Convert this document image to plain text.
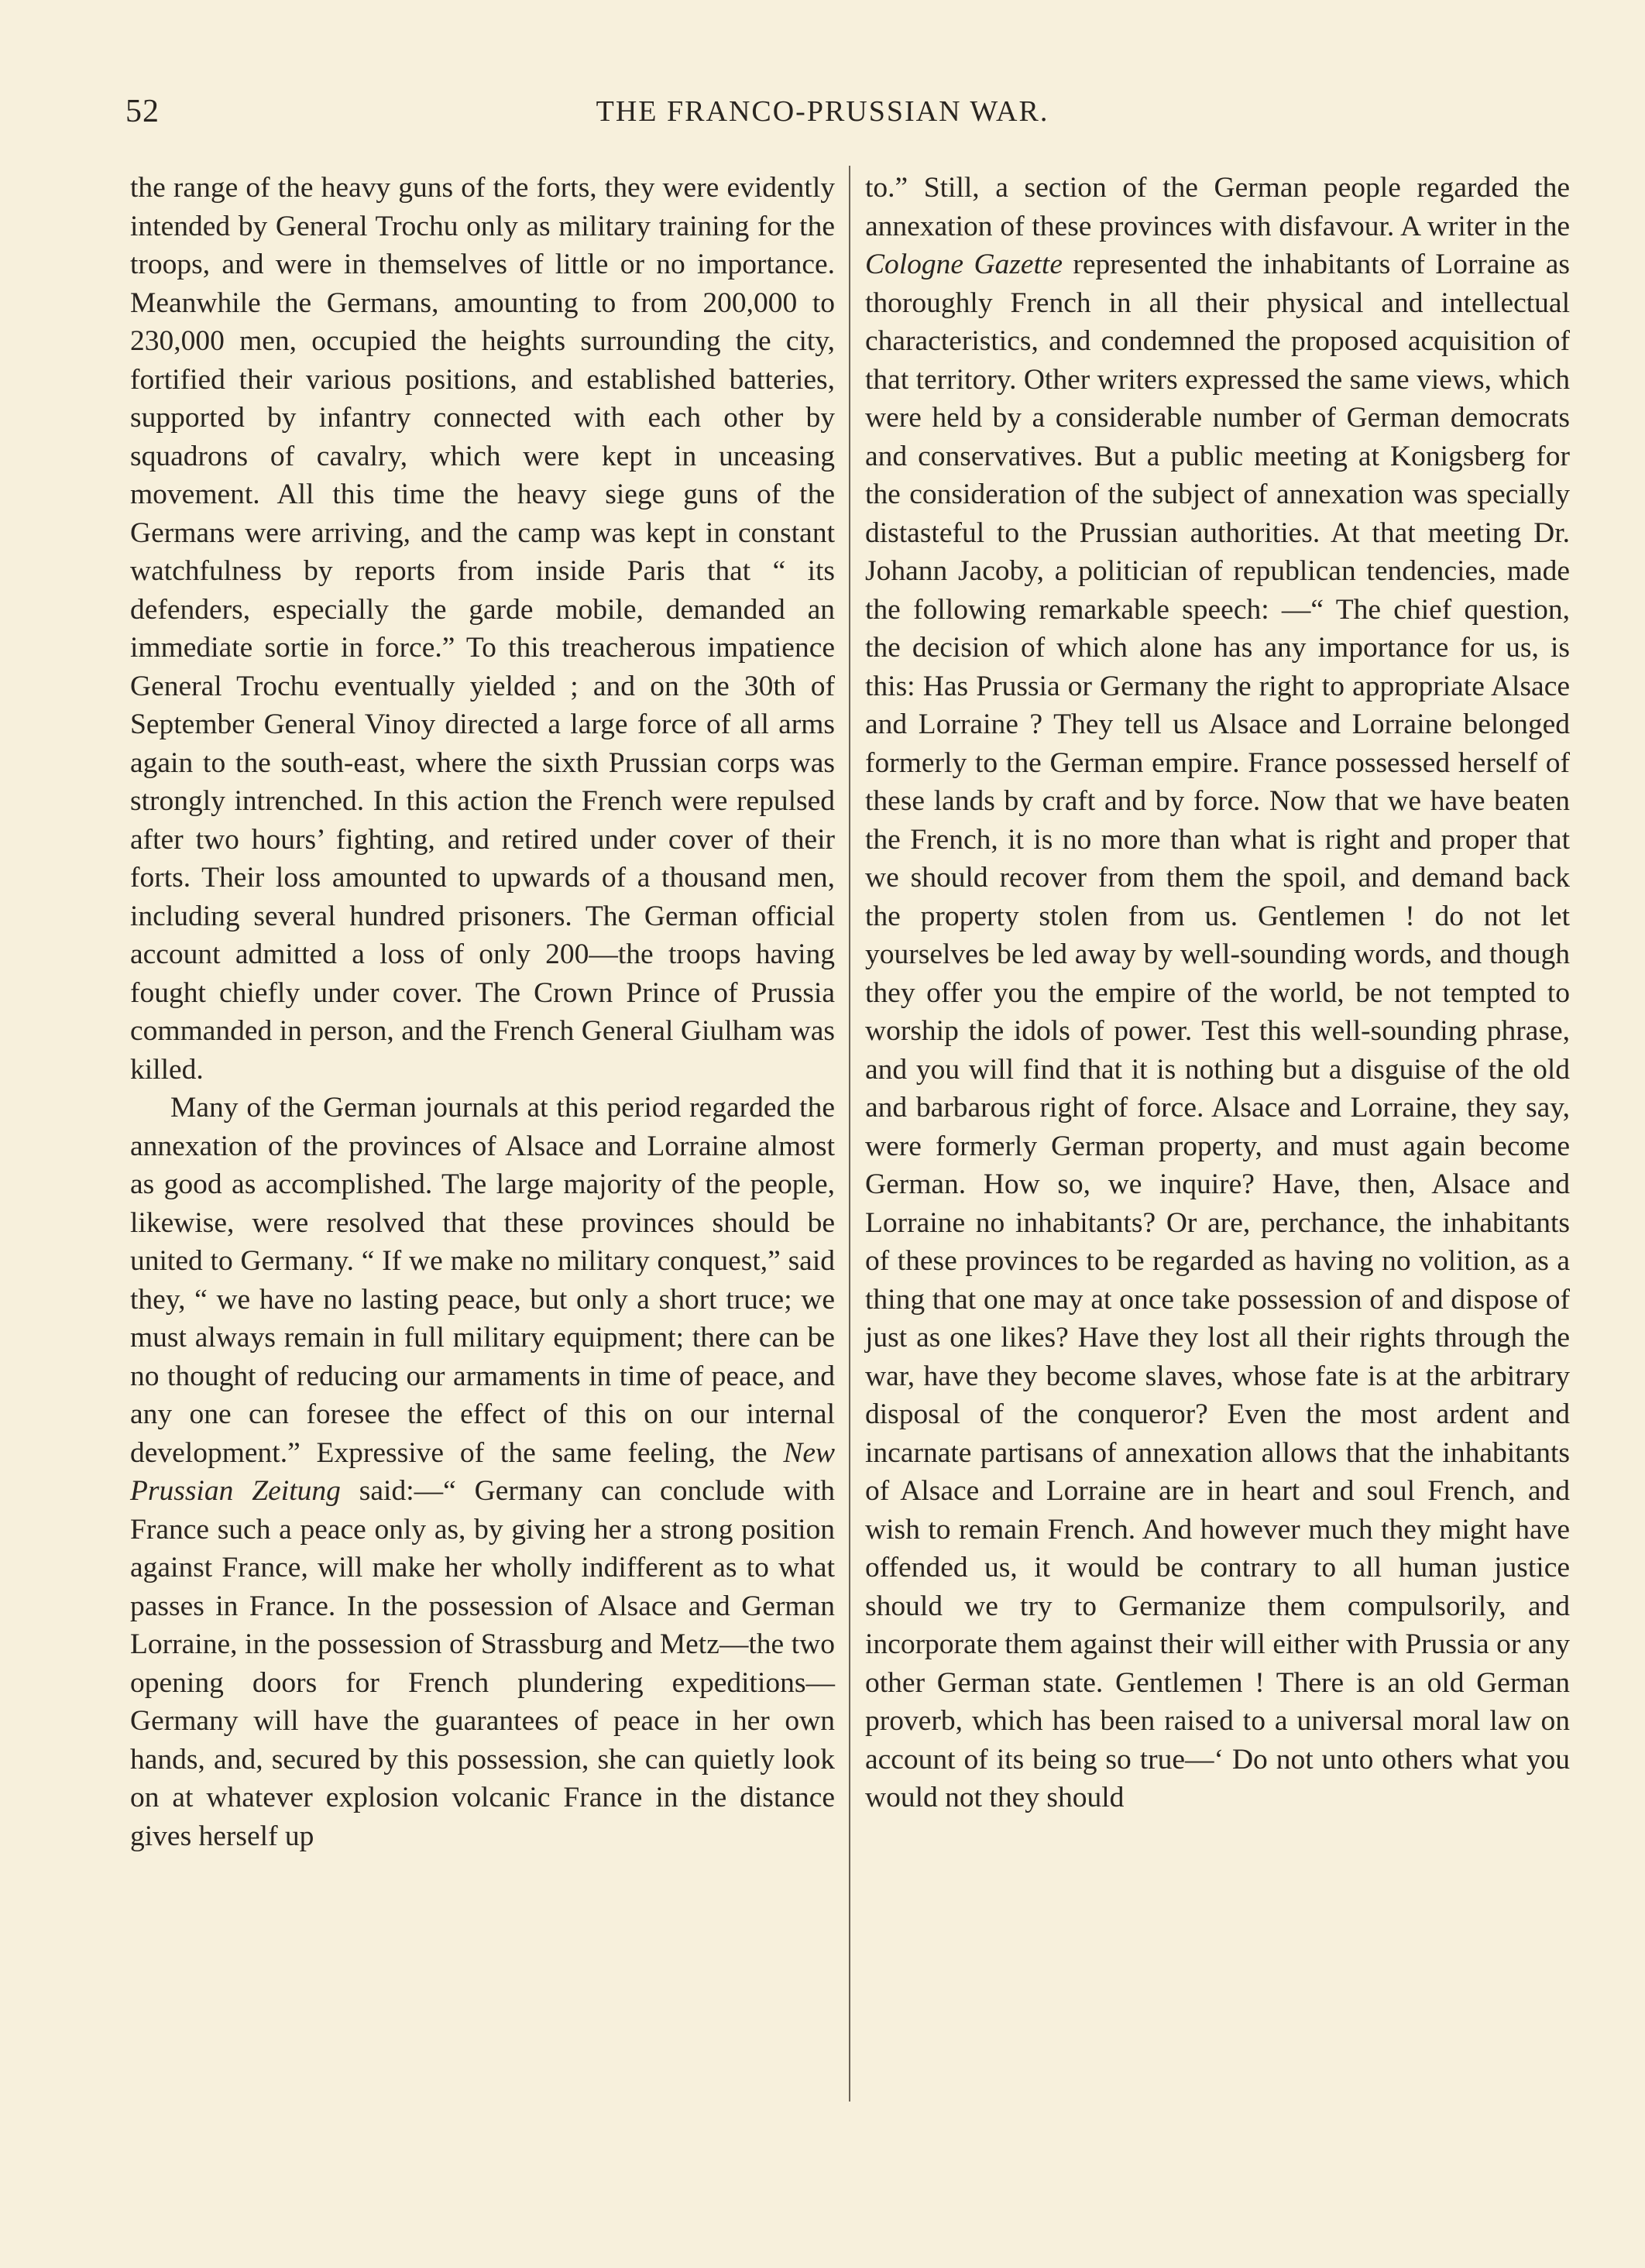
52	THE FRANCO-PRUSSIAN WAR.

the range of the heavy guns of the forts, they were evidently intended by General Trochu only as military training for the troops, and were in themselves of little or no importance. Meanwhile the Germans, amounting to from 200,000 to 230,000 men, occupied the heights surrounding the city, fortified their various positions, and established batteries, supported by infantry connected with each other by squadrons of cavalry, which were kept in unceasing movement. All this time the heavy siege guns of the Germans were arriving, and the camp was kept in constant watchfulness by reports from inside Paris that “ its defenders, especially the garde mobile, demanded an immediate sortie in force.” To this treacherous impatience General Trochu eventually yielded ; and on the 30th of September General Vinoy directed a large force of all arms again to the south-east, where the sixth Prussian corps was strongly intrenched. In this action the French were repulsed after two hours’ fighting, and retired under cover of their forts. Their loss amounted to upwards of a thousand men, including several hundred prisoners. The German official account admitted a loss of only 200—the troops having fought chiefly under cover. The Crown Prince of Prussia commanded in person, and the French General Giulham was killed.

Many of the German journals at this period regarded the annexation of the provinces of Alsace and Lorraine almost as good as accomplished. The large majority of the people, likewise, were resolved that these provinces should be united to Germany. “ If we make no military conquest,” said they, “ we have no lasting peace, but only a short truce; we must always remain in full military equipment; there can be no thought of reducing our armaments in time of peace, and any one can foresee the effect of this on our internal development.” Expressive of the same feeling, the New Prussian Zeitung said:—“ Germany can conclude with France such a peace only as, by giving her a strong position against France, will make her wholly indifferent as to what passes in France. In the possession of Alsace and German Lorraine, in the possession of Strassburg and Metz—the two opening doors for French plundering expeditions—Germany will have the guarantees of peace in her own hands, and, secured by this possession, she can quietly look on at whatever explosion volcanic France in the distance gives herself up

to.” Still, a section of the German people regarded the annexation of these provinces with disfavour. A writer in the Cologne Gazette represented the inhabitants of Lorraine as thoroughly French in all their physical and intellectual characteristics, and condemned the proposed acquisition of that territory. Other writers expressed the same views, which were held by a considerable number of German democrats and conservatives. But a public meeting at Konigsberg for the consideration of the subject of annexation was specially distasteful to the Prussian authorities. At that meeting Dr. Johann Jacoby, a politician of republican tendencies, made the following remarkable speech: —“ The chief question, the decision of which alone has any importance for us, is this: Has Prussia or Germany the right to appropriate Alsace and Lorraine ? They tell us Alsace and Lorraine belonged formerly to the German empire. France possessed herself of these lands by craft and by force. Now that we have beaten the French, it is no more than what is right and proper that we should recover from them the spoil, and demand back the property stolen from us. Gentlemen ! do not let yourselves be led away by well-sounding words, and though they offer you the empire of the world, be not tempted to worship the idols of power. Test this well-sounding phrase, and you will find that it is nothing but a disguise of the old and barbarous right of force. Alsace and Lorraine, they say, were formerly German property, and must again become German. How so, we inquire? Have, then, Alsace and Lorraine no inhabitants? Or are, perchance, the inhabitants of these provinces to be regarded as having no volition, as a thing that one may at once take possession of and dispose of just as one likes? Have they lost all their rights through the war, have they become slaves, whose fate is at the arbitrary disposal of the conqueror? Even the most ardent and incarnate partisans of annexation allows that the inhabitants of Alsace and Lorraine are in heart and soul French, and wish to remain French. And however much they might have offended us, it would be contrary to all human justice should we try to Germanize them compulsorily, and incorporate them against their will either with Prussia or any other German state. Gentlemen ! There is an old German proverb, which has been raised to a universal moral law on account of its being so true—‘ Do not unto others what you would not they should
